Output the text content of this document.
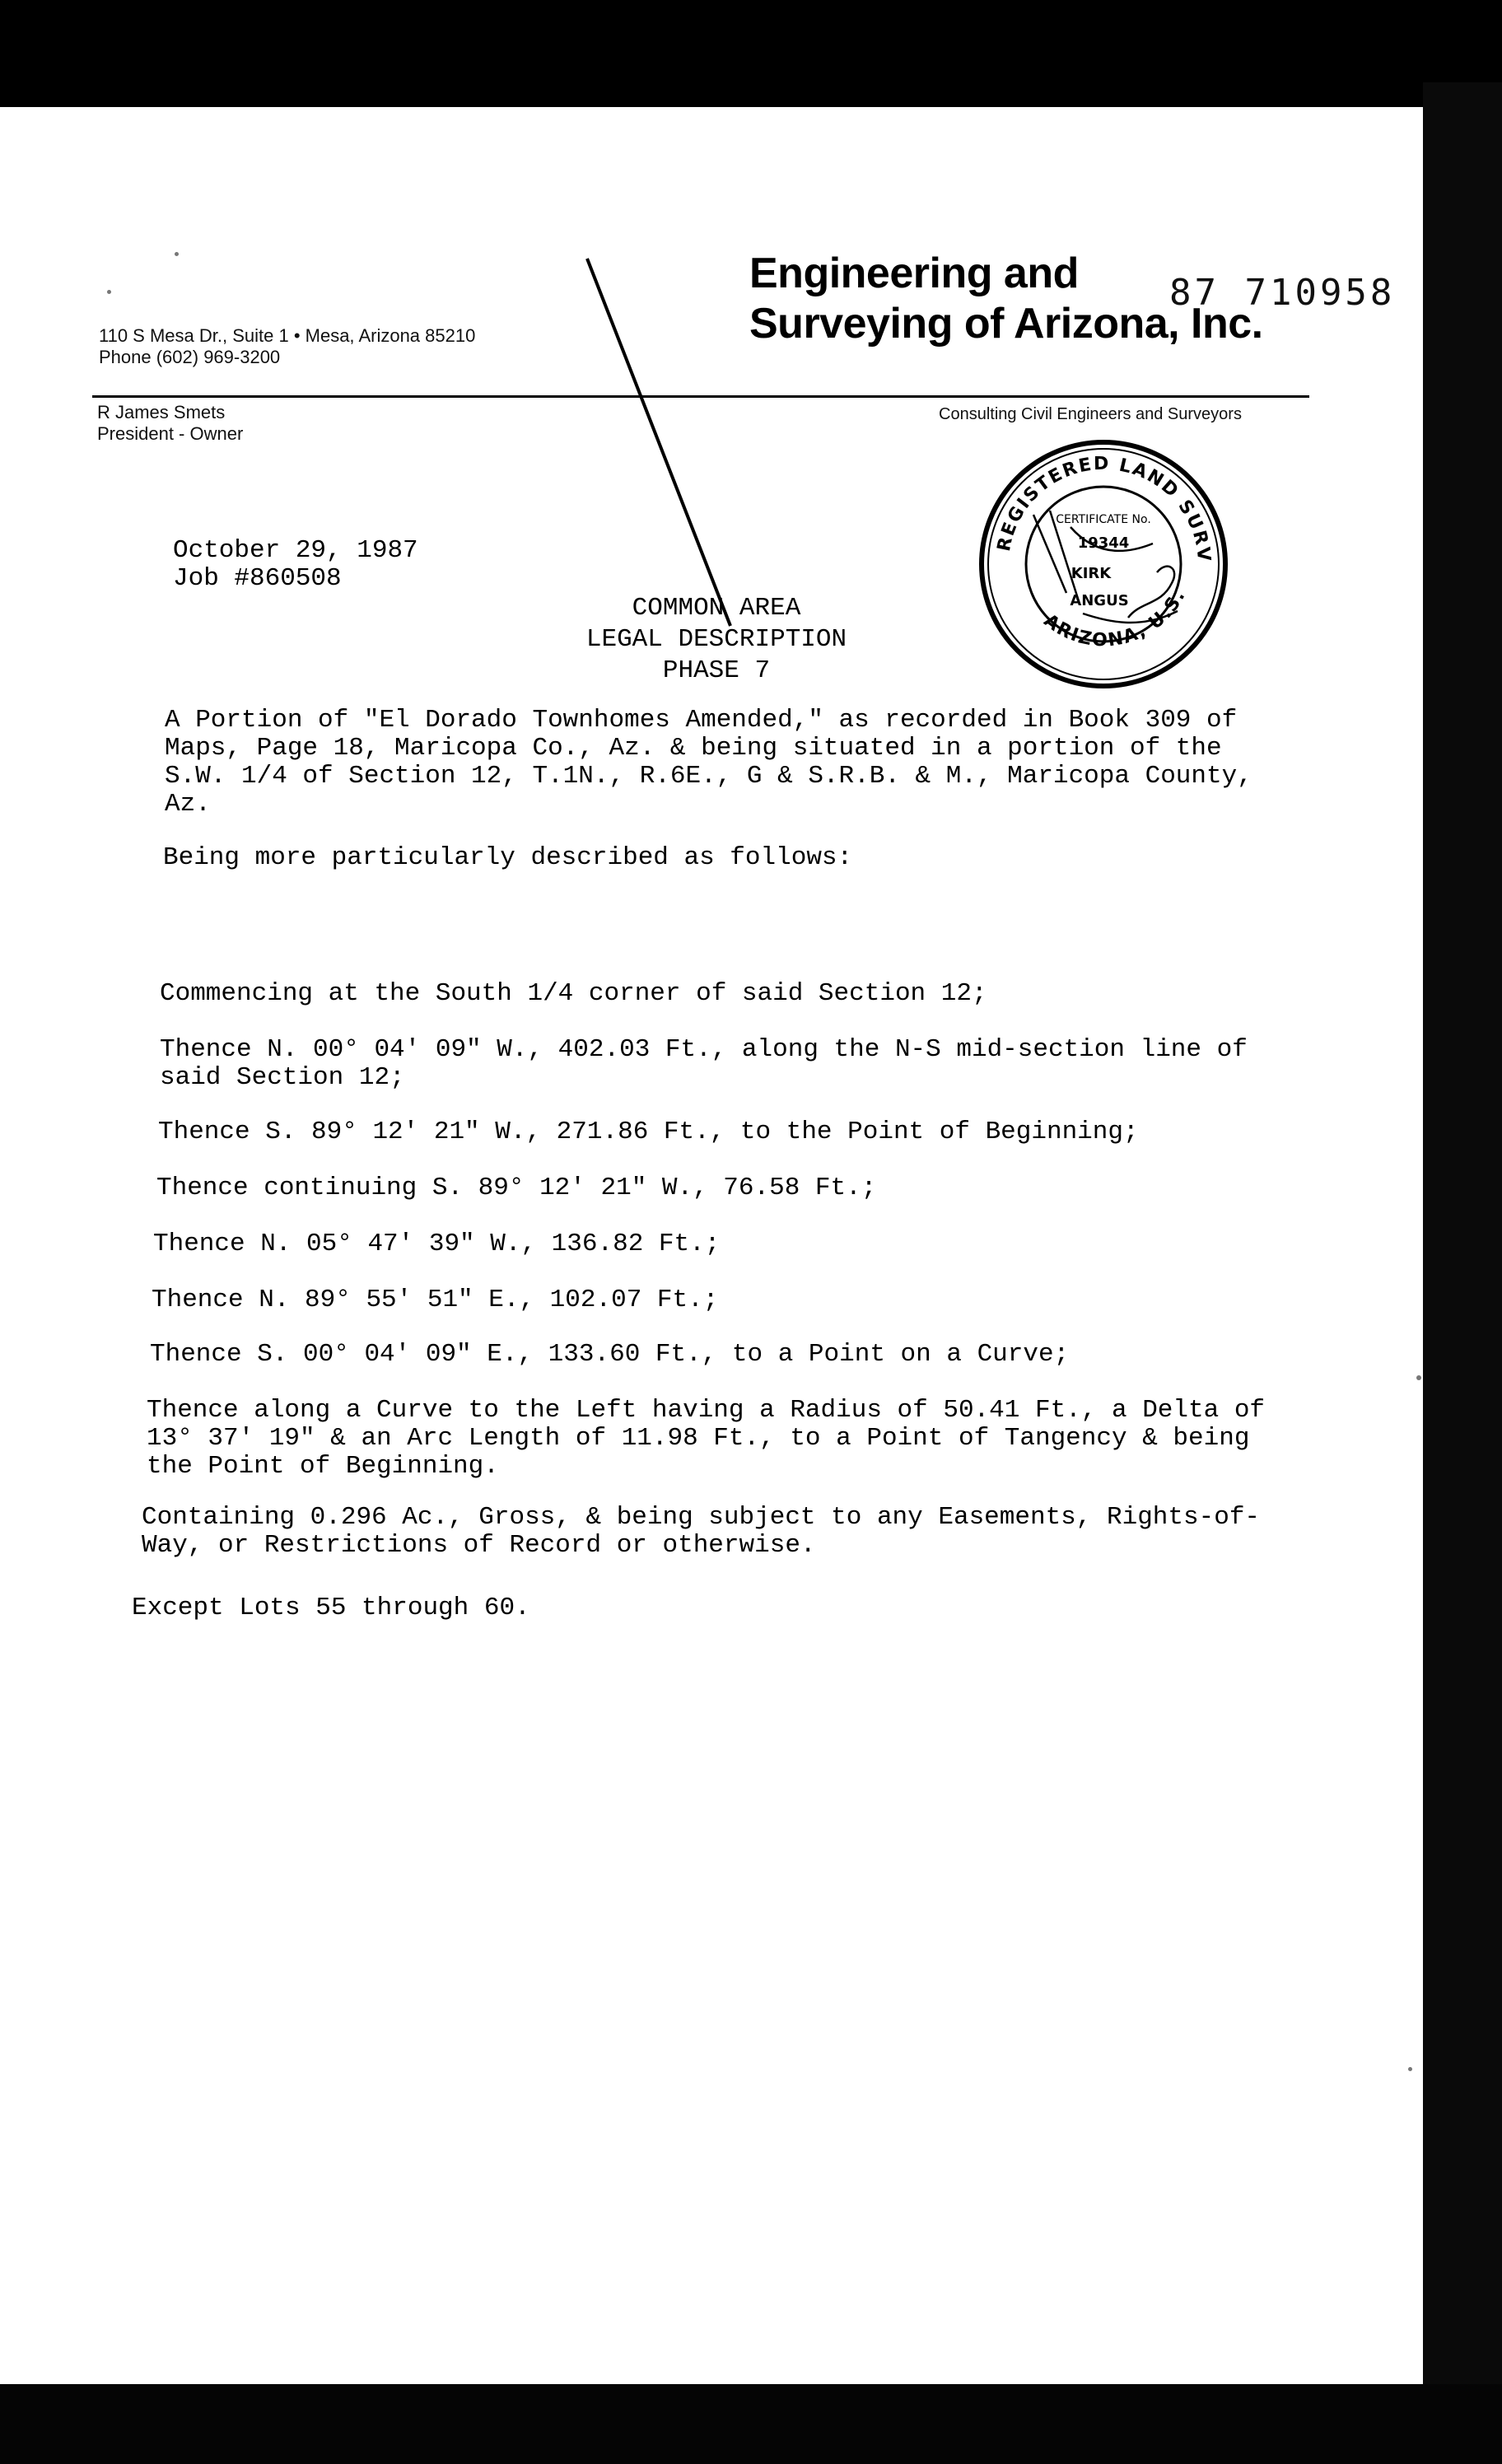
110 S Mesa Dr., Suite 1 • Mesa, Arizona 85210
Phone (602) 969-3200
Engineering and
Surveying of Arizona, Inc.
87 710958
R James Smets
President - Owner
Consulting Civil Engineers and Surveyors
REGISTERED LAND SURV
ARIZONA, U.S.
CERTIFICATE No.
19344
KIRK
ANGUS
October 29, 1987
Job #860508
COMMON AREA
LEGAL DESCRIPTION
PHASE 7
A Portion of "El Dorado Townhomes Amended," as recorded in Book 309 of Maps, Page 18, Maricopa Co., Az. & being situated in a portion of the S.W. 1/4 of Section 12, T.1N., R.6E., G & S.R.B. & M., Maricopa County, Az.
Being more particularly described as follows:
Commencing at the South 1/4 corner of said Section 12;
Thence N. 00° 04' 09" W., 402.03 Ft., along the N-S mid-section line of said Section 12;
Thence S. 89° 12' 21" W., 271.86 Ft., to the Point of Beginning;
Thence continuing S. 89° 12' 21" W., 76.58 Ft.;
Thence N. 05° 47' 39" W., 136.82 Ft.;
Thence N. 89° 55' 51" E., 102.07 Ft.;
Thence S. 00° 04' 09" E., 133.60 Ft., to a Point on a Curve;
Thence along a Curve to the Left having a Radius of 50.41 Ft., a Delta of 13° 37' 19" & an Arc Length of 11.98 Ft., to a Point of Tangency & being the Point of Beginning.
Containing 0.296 Ac., Gross, & being subject to any Easements, Rights-of-Way, or Restrictions of Record or otherwise.
Except Lots 55 through 60.
